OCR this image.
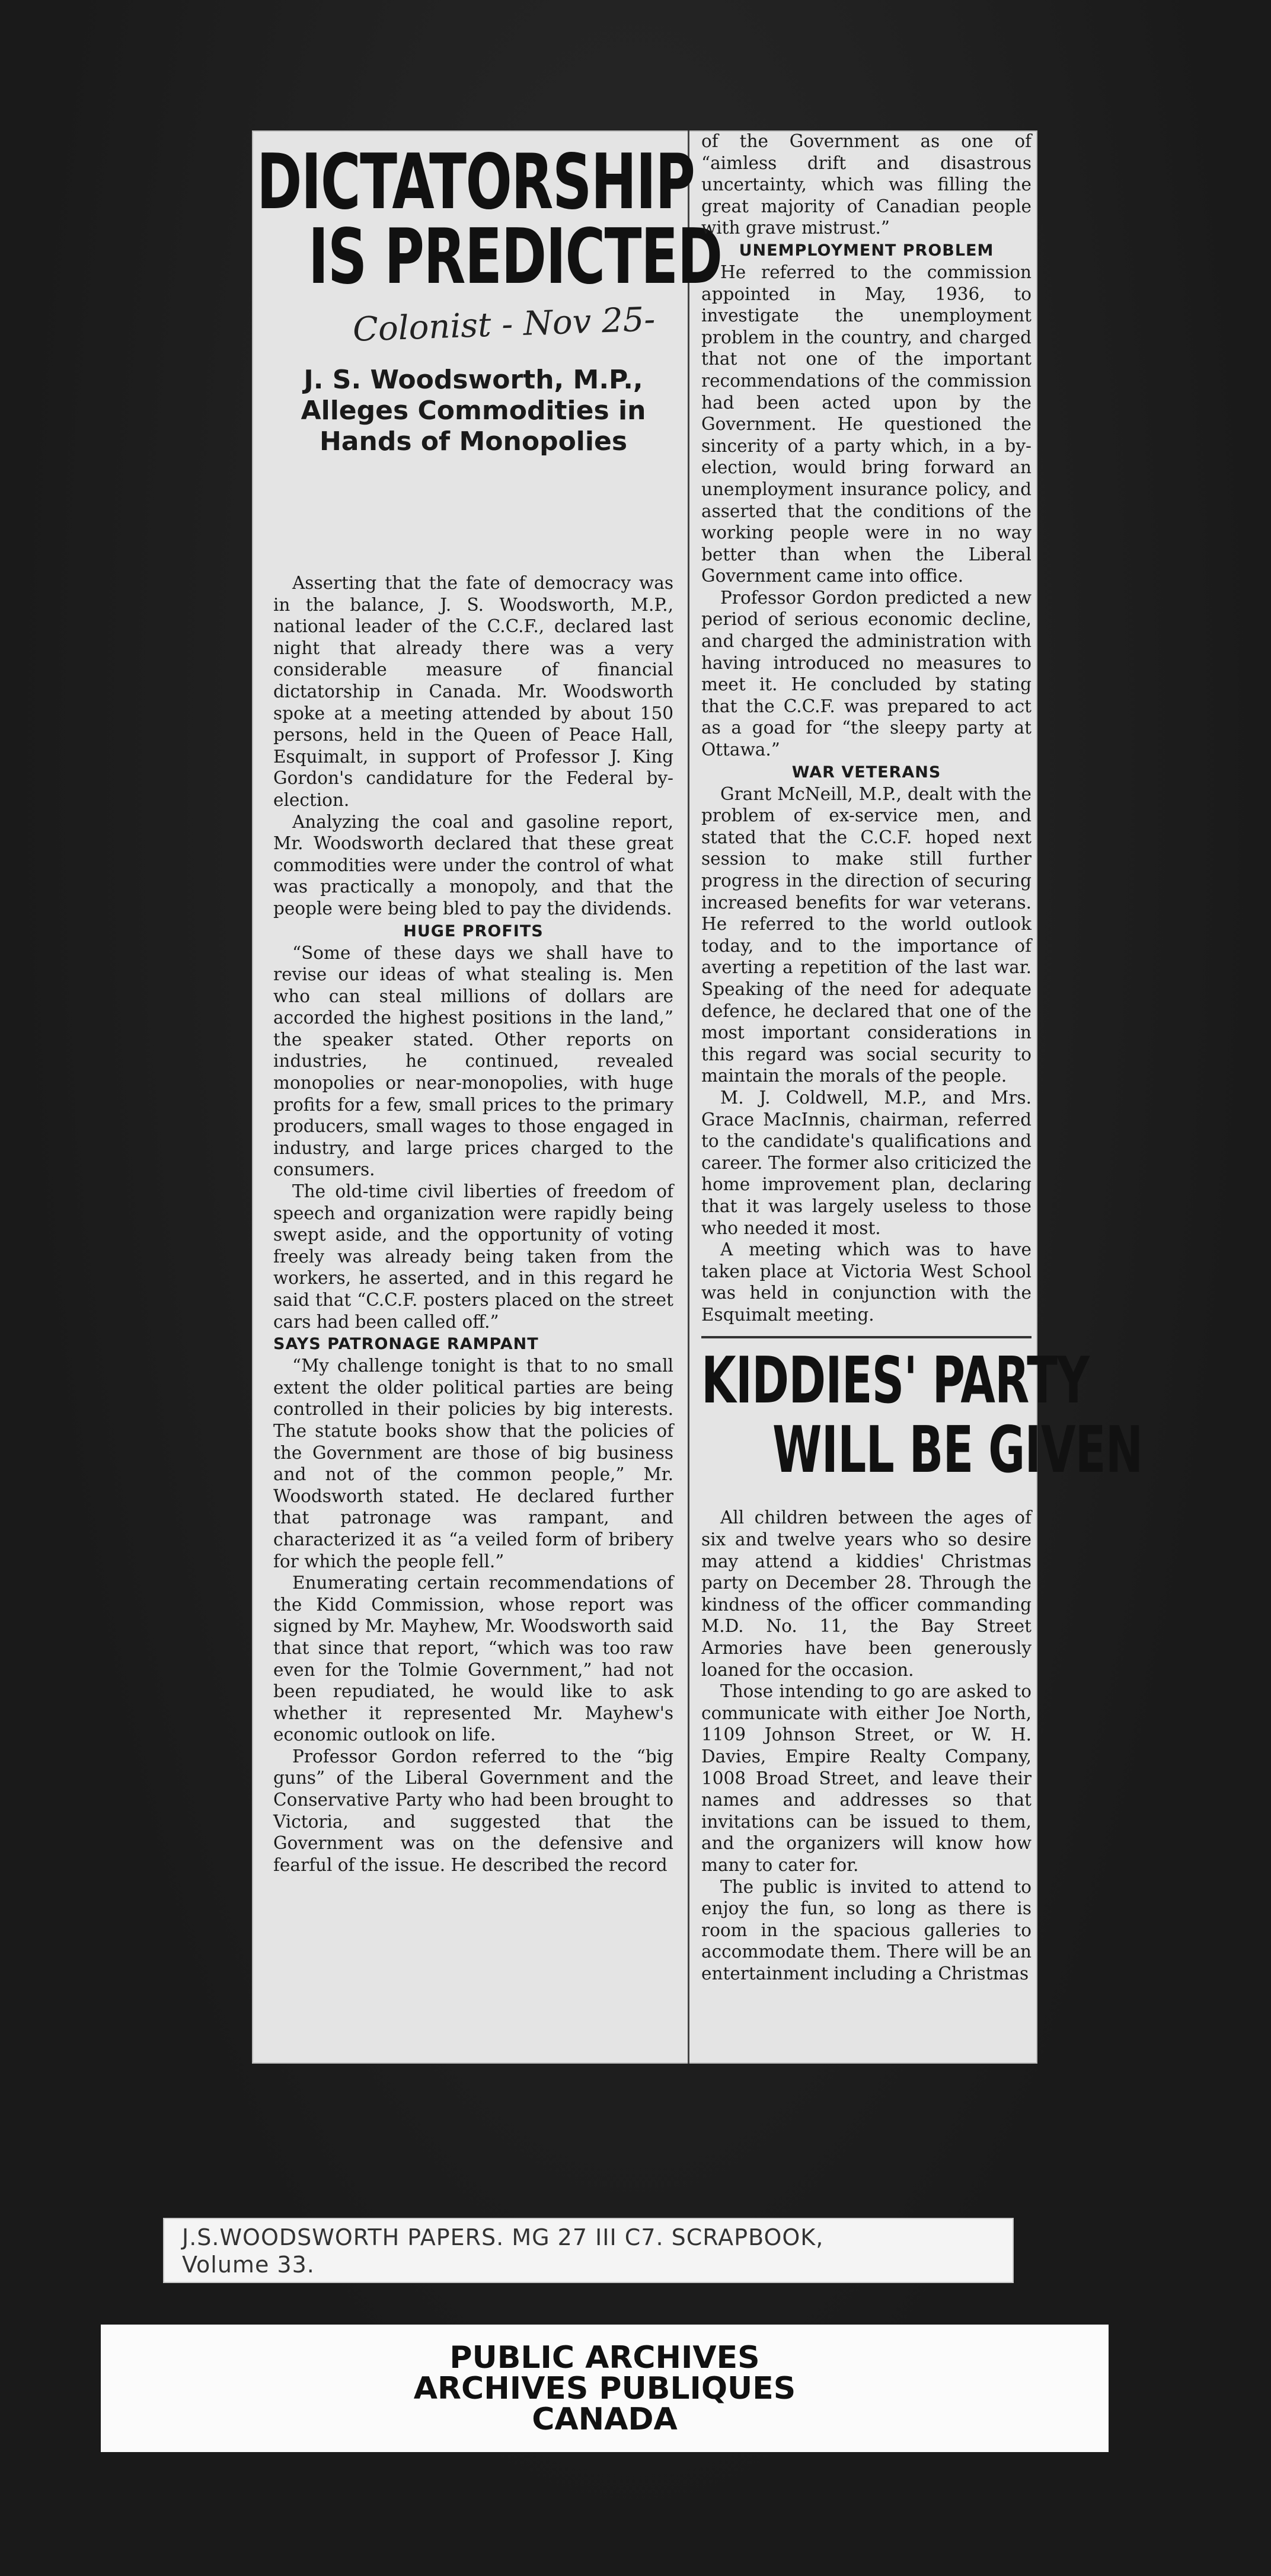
DICTATORSHIP
IS PREDICTED
Colonist - Nov 25-
J. S. Woodsworth, M.P.,
Alleges Commodities in
Hands of Monopolies

Asserting that the fate of democracy was in the balance, J. S. Woodsworth, M.P., national leader of the C.C.F., declared last night that already there was a very considerable measure of financial dictatorship in Canada. Mr. Woodsworth spoke at a meeting attended by about 150 persons, held in the Queen of Peace Hall, Esquimalt, in support of Professor J. King Gordon's candidature for the Federal by-election.

Analyzing the coal and gasoline report, Mr. Woodsworth declared that these great commodities were under the control of what was practically a monopoly, and that the people were being bled to pay the dividends.

HUGE PROFITS

“Some of these days we shall have to revise our ideas of what stealing is. Men who can steal millions of dollars are accorded the highest positions in the land,” the speaker stated. Other reports on industries, he continued, revealed monopolies or near-monopolies, with huge profits for a few, small prices to the primary producers, small wages to those engaged in industry, and large prices charged to the consumers.

The old-time civil liberties of freedom of speech and organization were rapidly being swept aside, and the opportunity of voting freely was already being taken from the workers, he asserted, and in this regard he said that “C.C.F. posters placed on the street cars had been called off.”

SAYS PATRONAGE RAMPANT

“My challenge tonight is that to no small extent the older political parties are being controlled in their policies by big interests. The statute books show that the policies of the Government are those of big business and not of the common people,” Mr. Woodsworth stated. He declared further that patronage was rampant, and characterized it as “a veiled form of bribery for which the people fell.”

Enumerating certain recommendations of the Kidd Commission, whose report was signed by Mr. Mayhew, Mr. Woodsworth said that since that report, “which was too raw even for the Tolmie Government,” had not been repudiated, he would like to ask whether it represented Mr. Mayhew's economic outlook on life.

Professor Gordon referred to the “big guns” of the Liberal Government and the Conservative Party who had been brought to Victoria, and suggested that the Government was on the defensive and fearful of the issue. He described the record

of the Government as one of “aimless drift and disastrous uncertainty, which was filling the great majority of Canadian people with grave mistrust.”

UNEMPLOYMENT PROBLEM

He referred to the commission appointed in May, 1936, to investigate the unemployment problem in the country, and charged that not one of the important recommendations of the commission had been acted upon by the Government. He questioned the sincerity of a party which, in a by-election, would bring forward an unemployment insurance policy, and asserted that the conditions of the working people were in no way better than when the Liberal Government came into office.

Professor Gordon predicted a new period of serious economic decline, and charged the administration with having introduced no measures to meet it. He concluded by stating that the C.C.F. was prepared to act as a goad for “the sleepy party at Ottawa.”

WAR VETERANS

Grant McNeill, M.P., dealt with the problem of ex-service men, and stated that the C.C.F. hoped next session to make still further progress in the direction of securing increased benefits for war veterans. He referred to the world outlook today, and to the importance of averting a repetition of the last war. Speaking of the need for adequate defence, he declared that one of the most important considerations in this regard was social security to maintain the morals of the people.

M. J. Coldwell, M.P., and Mrs. Grace MacInnis, chairman, referred to the candidate's qualifications and career. The former also criticized the home improvement plan, declaring that it was largely useless to those who needed it most.

A meeting which was to have taken place at Victoria West School was held in conjunction with the Esquimalt meeting.

KIDDIES' PARTY
WILL BE GIVEN

All children between the ages of six and twelve years who so desire may attend a kiddies' Christmas party on December 28. Through the kindness of the officer commanding M.D. No. 11, the Bay Street Armories have been generously loaned for the occasion.

Those intending to go are asked to communicate with either Joe North, 1109 Johnson Street, or W. H. Davies, Empire Realty Company, 1008 Broad Street, and leave their names and addresses so that invitations can be issued to them, and the organizers will know how many to cater for.

The public is invited to attend to enjoy the fun, so long as there is room in the spacious galleries to accommodate them. There will be an entertainment including a Christmas

J.S.WOODSWORTH PAPERS. MG 27 III C7. SCRAPBOOK,
Volume 33.
PUBLIC ARCHIVES
ARCHIVES PUBLIQUES
CANADA
